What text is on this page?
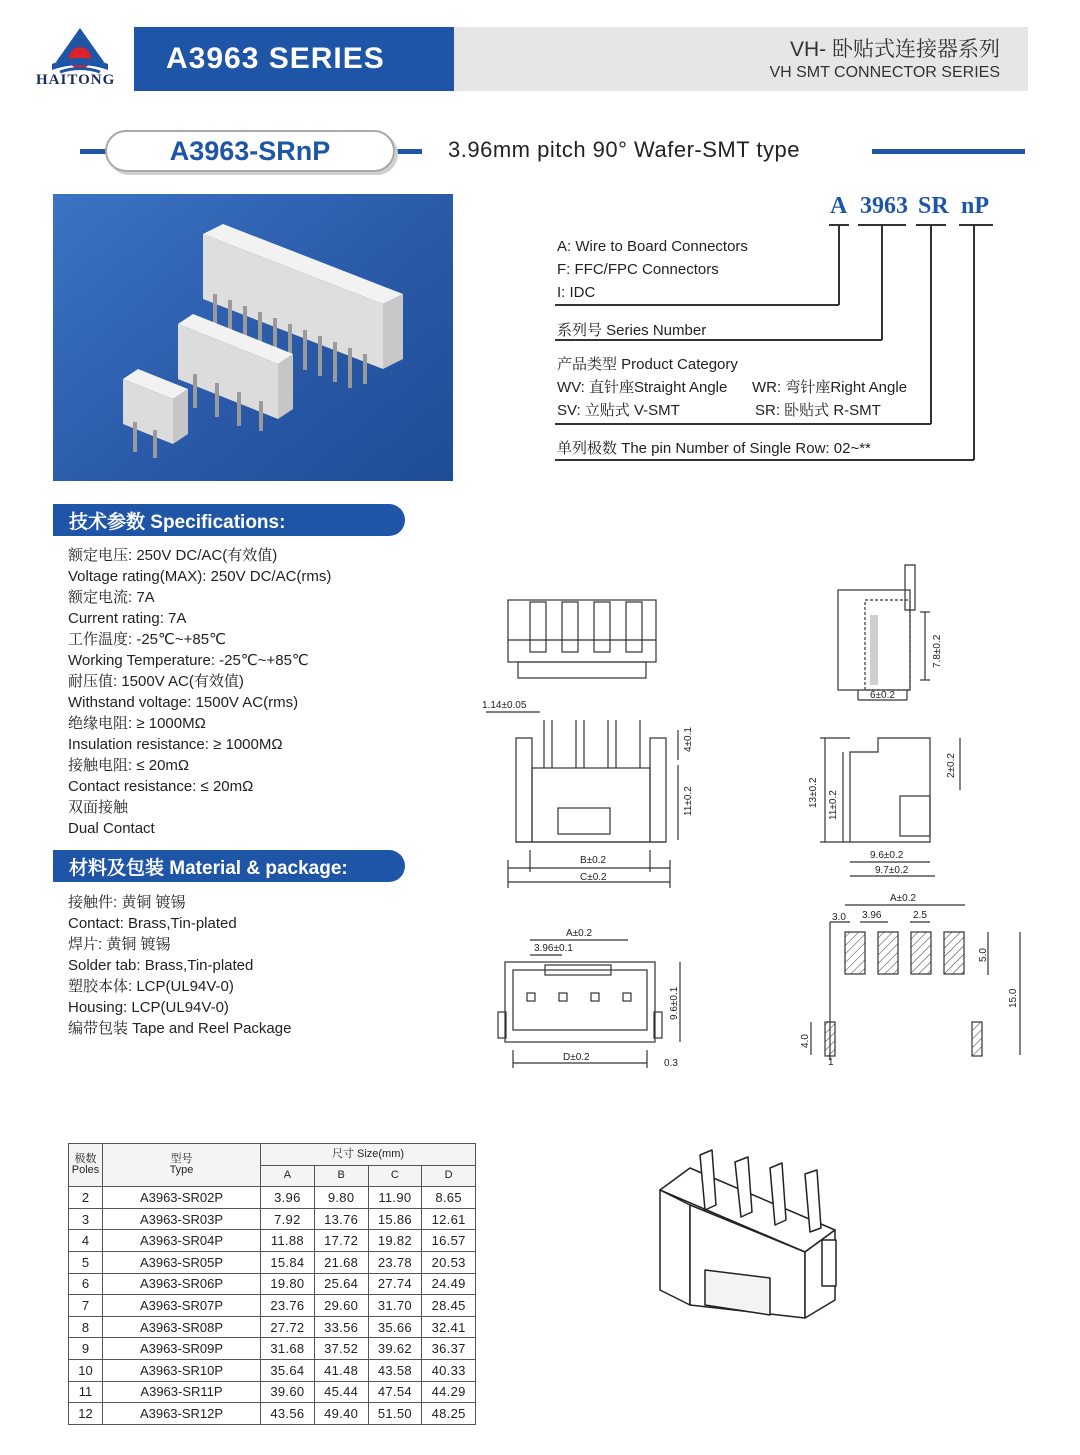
HAITONG
A3963 SERIES	VH- 卧贴式连接器系列
VH SMT CONNECTOR SERIES
A3963-SRnP	3.96mm pitch 90° Wafer-SMT type
A 3963 SR nP
A: Wire to Board Connectors
F: FFC/FPC Connectors
I: IDC
系列号 Series Number
产品类型 Product Category
WV: 直针座Straight Angle WR: 弯针座Right Angle
SV: 立贴式 V-SMT	SR: 卧贴式 R-SMT
单列极数 The pin Number of Single Row: 02~**
技术参数 Specifications:
额定电压: 250V DC/AC(有效值)
Voltage rating(MAX): 250V DC/AC(rms)
额定电流: 7A
Current rating: 7A
工作温度: -25℃~+85℃
Working Temperature: -25℃~+85℃
耐压值: 1500V AC(有效值)
Withstand voltage: 1500V AC(rms)
绝缘电阻: ≥ 1000MΩ
Insulation resistance: ≥ 1000MΩ
接触电阻: ≤ 20mΩ
Contact resistance: ≤ 20mΩ
双面接触
Dual Contact
材料及包装 Material & package:
接触件: 黄铜 镀锡
Contact: Brass,Tin-plated
焊片: 黄铜 镀锡
Solder tab: Brass,Tin-plated
塑胶本体: LCP(UL94V-0)
Housing: LCP(UL94V-0)
编带包装 Tape and Reel Package
1.14±0.05
B±0.2
C±0.2
6±0.2
9.6±0.2
9.7±0.2
A±0.2
3.96±0.1
D±0.2
0.3
A±0.2
3.0 3.96	2.5
1
7.8±0.2
4±0.1
11±0.2
2±0.2
13±0.2 11±0.2
9.6±0.1
5.0
15.0
4.0
极数
Poles	型号
Type	尺寸 Size(mm)			
		A	B	C	D
2	A3963-SR02P	3.96	9.80	11.90	8.65
3	A3963-SR03P	7.92	13.76	15.86	12.61
4	A3963-SR04P	11.88	17.72	19.82	16.57
5	A3963-SR05P	15.84	21.68	23.78	20.53
6	A3963-SR06P	19.80	25.64	27.74	24.49
7	A3963-SR07P	23.76	29.60	31.70	28.45
8	A3963-SR08P	27.72	33.56	35.66	32.41
9	A3963-SR09P	31.68	37.52	39.62	36.37
10	A3963-SR10P	35.64	41.48	43.58	40.33
11	A3963-SR11P	39.60	45.44	47.54	44.29
12	A3963-SR12P	43.56	49.40	51.50	48.25
